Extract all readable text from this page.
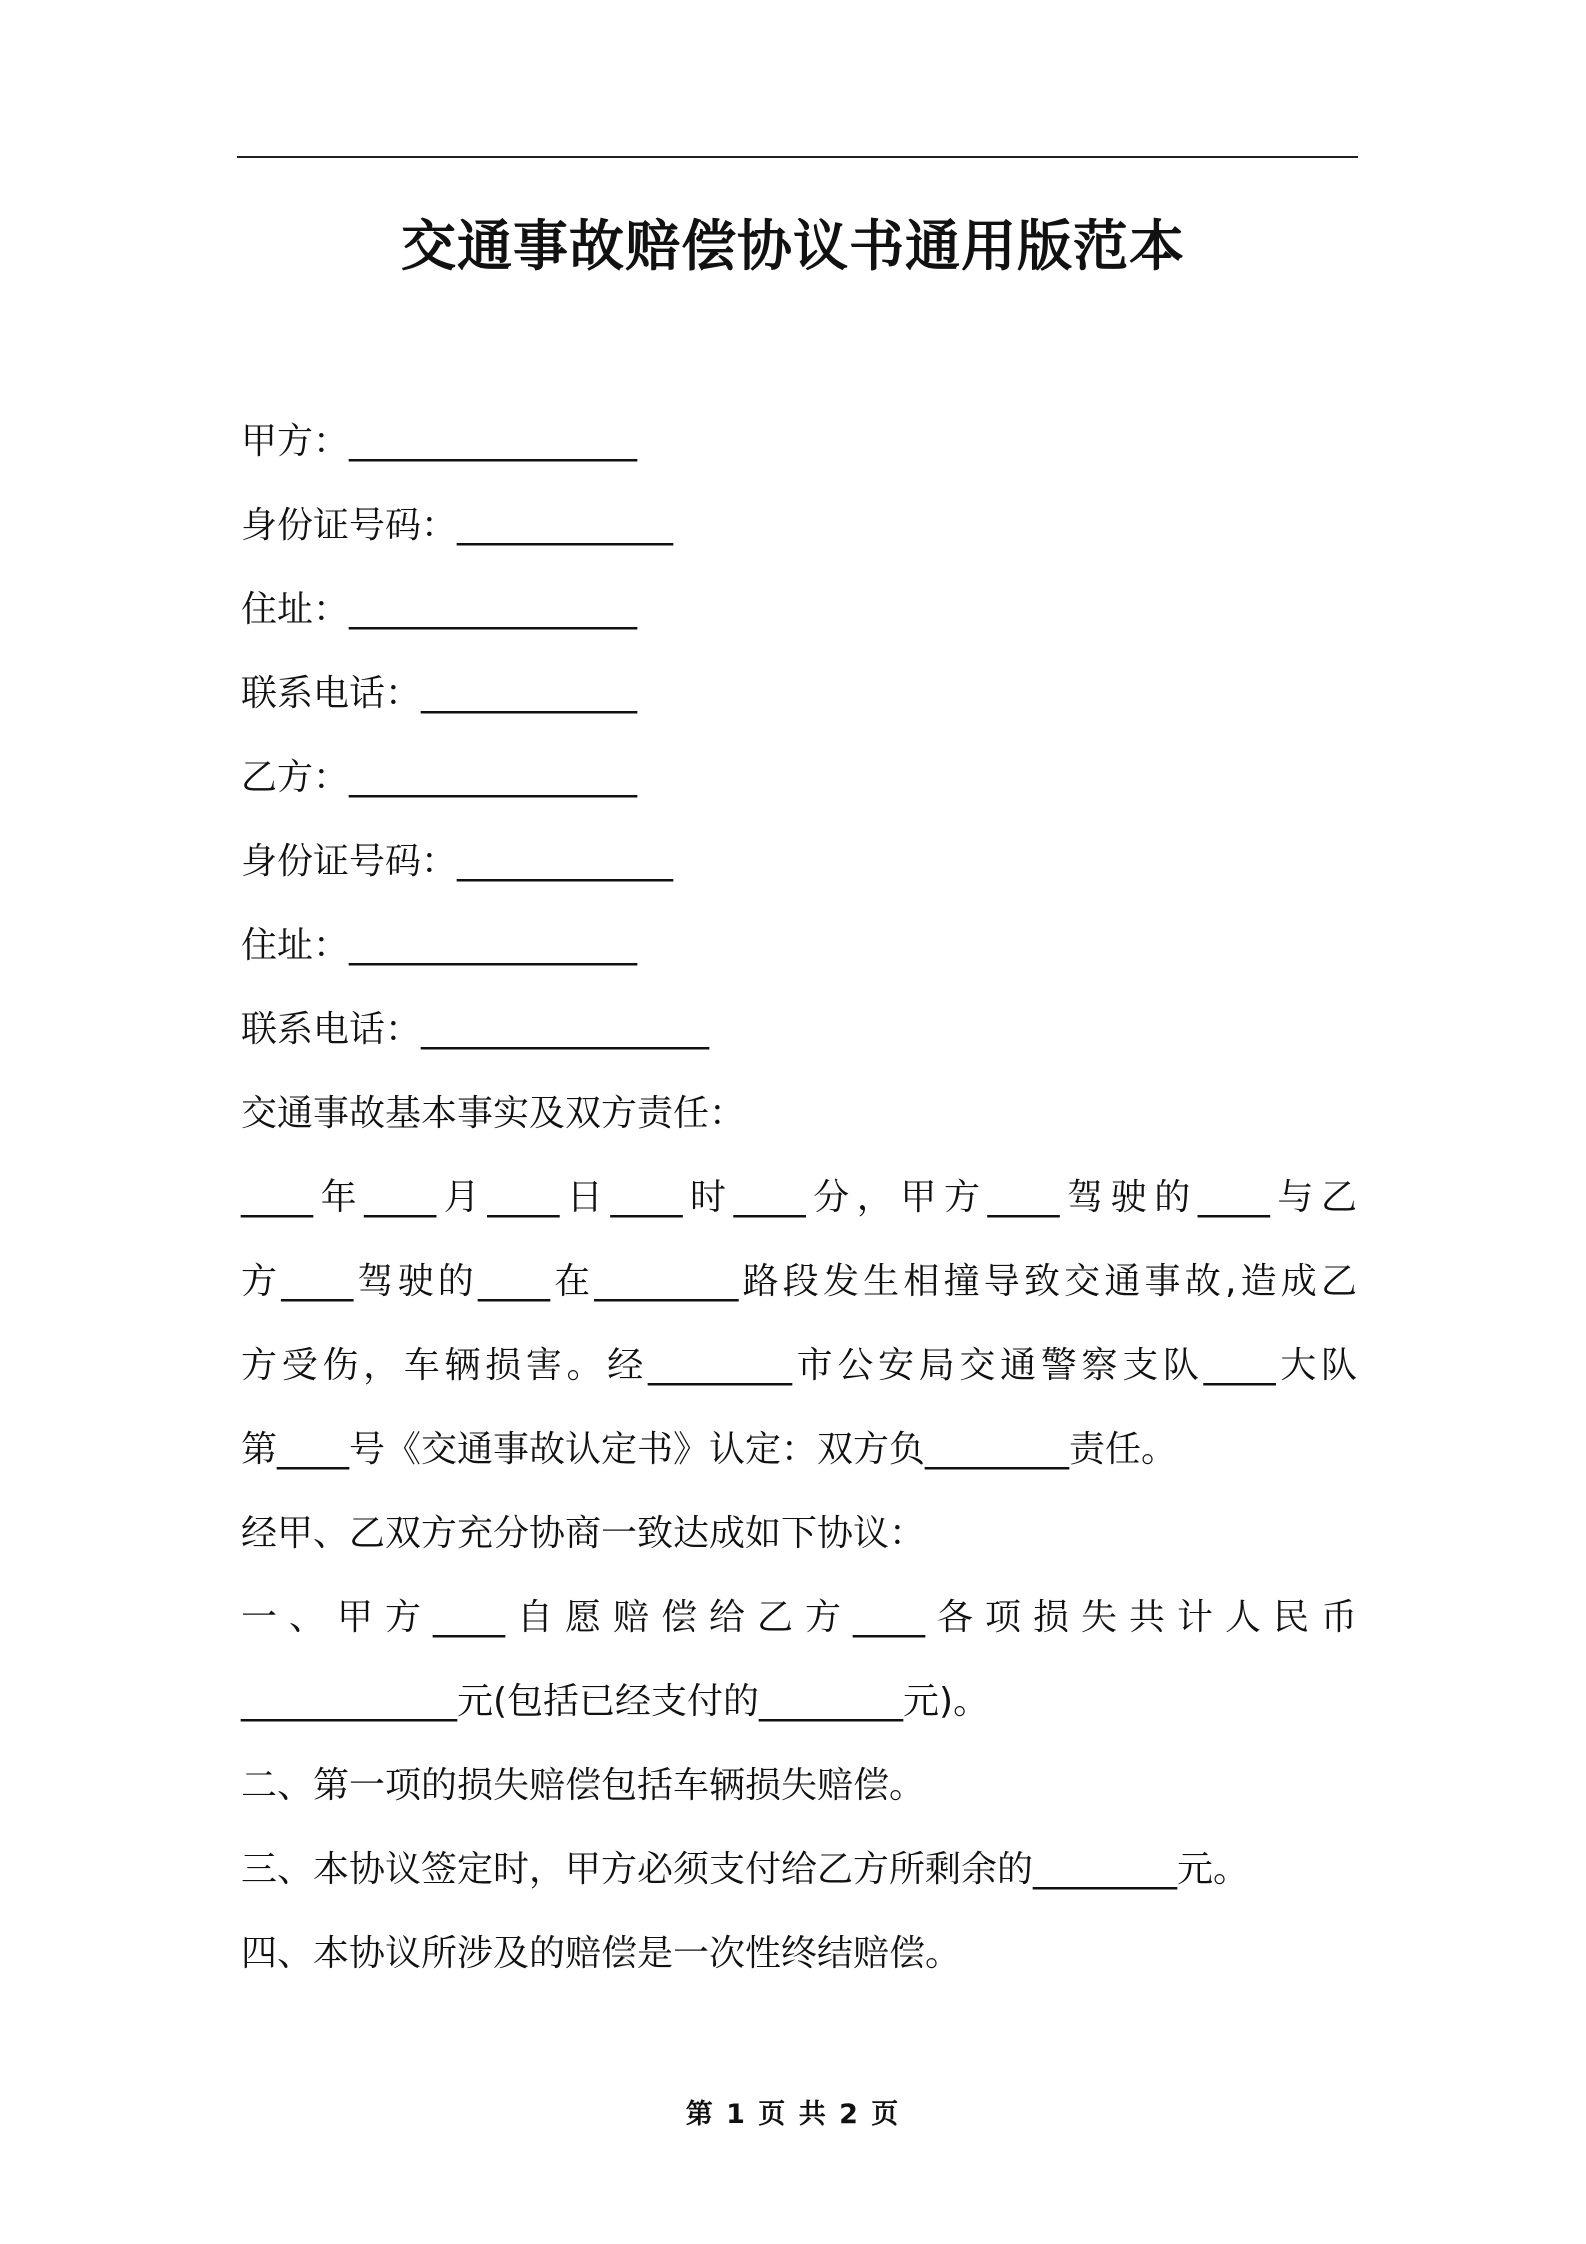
交通事故赔偿协议书通用版范本
甲方：________________
身份证号码：____________
住址：________________
联系电话：____________
乙方：________________
身份证号码：____________
住址：________________
联系电话：________________
交通事故基本事实及双方责任：
____年____月____日____时____分，甲方____驾驶的____与乙
方____驾驶的____在________路段发生相撞导致交通事故,造成乙
方受伤，车辆损害。经________市公安局交通警察支队____大队
第____号《交通事故认定书》认定：双方负________责任。
经甲、乙双方充分协商一致达成如下协议：
一、甲方____自愿赔偿给乙方____各项损失共计人民币
____________元(包括已经支付的________元)。
二、第一项的损失赔偿包括车辆损失赔偿。
三、本协议签定时，甲方必须支付给乙方所剩余的________元。
四、本协议所涉及的赔偿是一次性终结赔偿。
第 1 页 共 2 页
